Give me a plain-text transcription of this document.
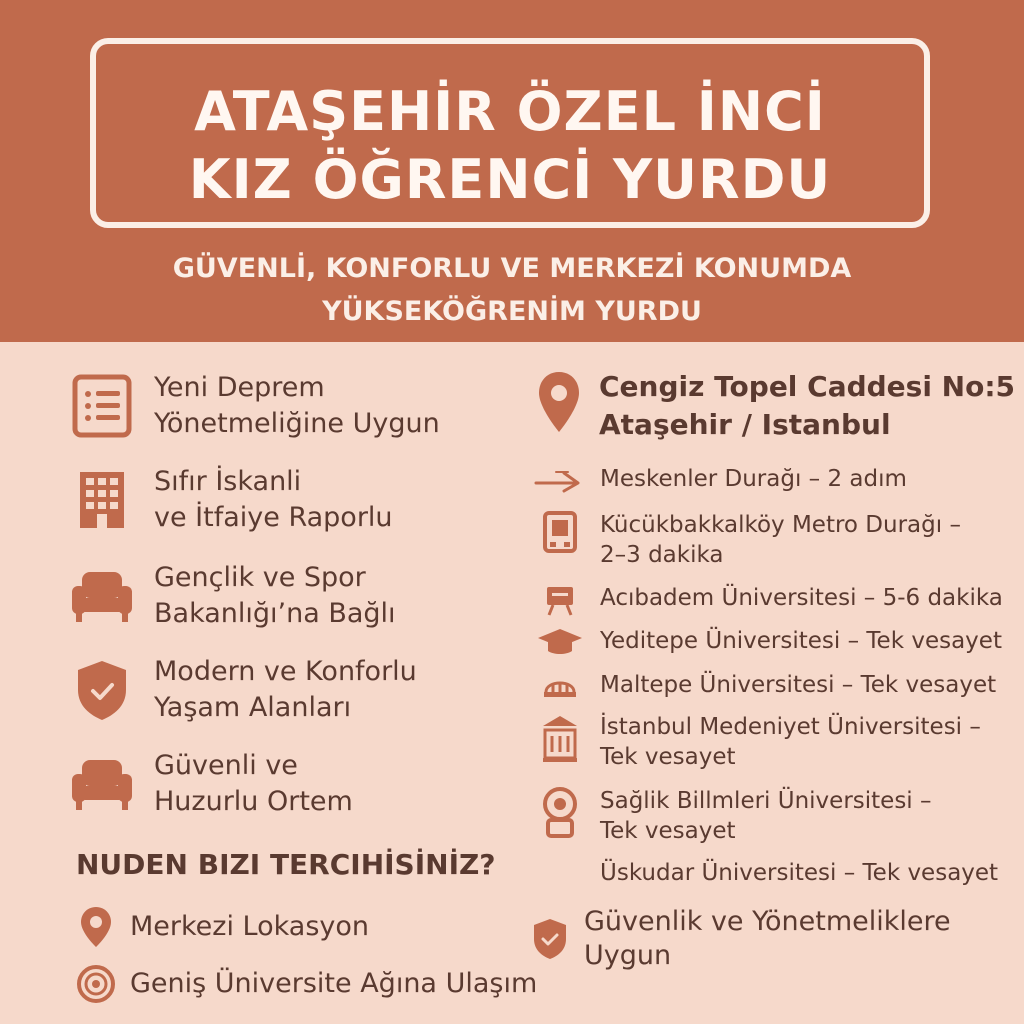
ATAŞEHİR ÖZEL İNCİ
KIZ ÖĞRENCİ YURDU
GÜVENLİ, KONFORLU VE MERKEZİ KONUMDA
YÜKSEKÖĞRENİM YURDU
Yeni Deprem
Yönetmeliğine Uygun
Sıfır İskanli
ve İtfaiye Raporlu
Gençlik ve Spor
Bakanlığı’na Bağlı
Modern ve Konforlu
Yaşam Alanları
Güvenli ve
Huzurlu Ortem
Cengiz Topel Caddesi No:5
Ataşehir / Istanbul
Meskenler Durağı – 2 adım
Kücükbakkalköy Metro Durağı –
2–3 dakika
Acıbadem Üniversitesi – 5-6 dakika
Yeditepe Üniversitesi – Tek vesayet
Maltepe Üniversitesi – Tek vesayet
İstanbul Medeniyet Üniversitesi –
Tek vesayet
Sağlik Billmleri Üniversitesi –
Tek vesayet
Üskudar Üniversitesi – Tek vesayet
NUDEN BIZI TERCIHİSİNİZ?
Merkezi Lokasyon
Geniş Üniversite Ağına Ulaşım
Güvenlik ve Yönetmeliklere
Uygun
